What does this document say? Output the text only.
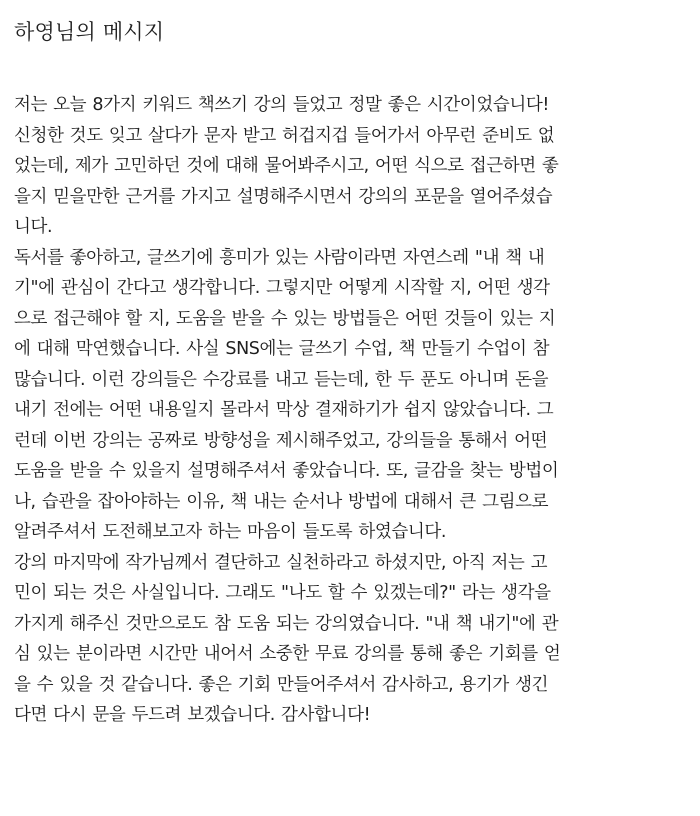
하영님의 메시지
저는 오늘 8가지 키워드 책쓰기 강의 들었고 정말 좋은 시간이었습니다!
신청한 것도 잊고 살다가 문자 받고 허겁지겁 들어가서 아무런 준비도 없
었는데, 제가 고민하던 것에 대해 물어봐주시고, 어떤 식으로 접근하면 좋
을지 믿을만한 근거를 가지고 설명해주시면서 강의의 포문을 열어주셨습
니다.
독서를 좋아하고, 글쓰기에 흥미가 있는 사람이라면 자연스레 "내 책 내
기"에 관심이 간다고 생각합니다. 그렇지만 어떻게 시작할 지, 어떤 생각
으로 접근해야 할 지, 도움을 받을 수 있는 방법들은 어떤 것들이 있는 지
에 대해 막연했습니다. 사실 SNS에는 글쓰기 수업, 책 만들기 수업이 참
많습니다. 이런 강의들은 수강료를 내고 듣는데, 한 두 푼도 아니며 돈을
내기 전에는 어떤 내용일지 몰라서 막상 결재하기가 쉽지 않았습니다. 그
런데 이번 강의는 공짜로 방향성을 제시해주었고, 강의들을 통해서 어떤
도움을 받을 수 있을지 설명해주셔서 좋았습니다. 또, 글감을 찾는 방법이
나, 습관을 잡아야하는 이유, 책 내는 순서나 방법에 대해서 큰 그림으로
알려주셔서 도전해보고자 하는 마음이 들도록 하였습니다.
강의 마지막에 작가님께서 결단하고 실천하라고 하셨지만, 아직 저는 고
민이 되는 것은 사실입니다. 그래도 "나도 할 수 있겠는데?" 라는 생각을
가지게 해주신 것만으로도 참 도움 되는 강의였습니다. "내 책 내기"에 관
심 있는 분이라면 시간만 내어서 소중한 무료 강의를 통해 좋은 기회를 얻
을 수 있을 것 같습니다. 좋은 기회 만들어주셔서 감사하고, 용기가 생긴
다면 다시 문을 두드려 보겠습니다. 감사합니다!
